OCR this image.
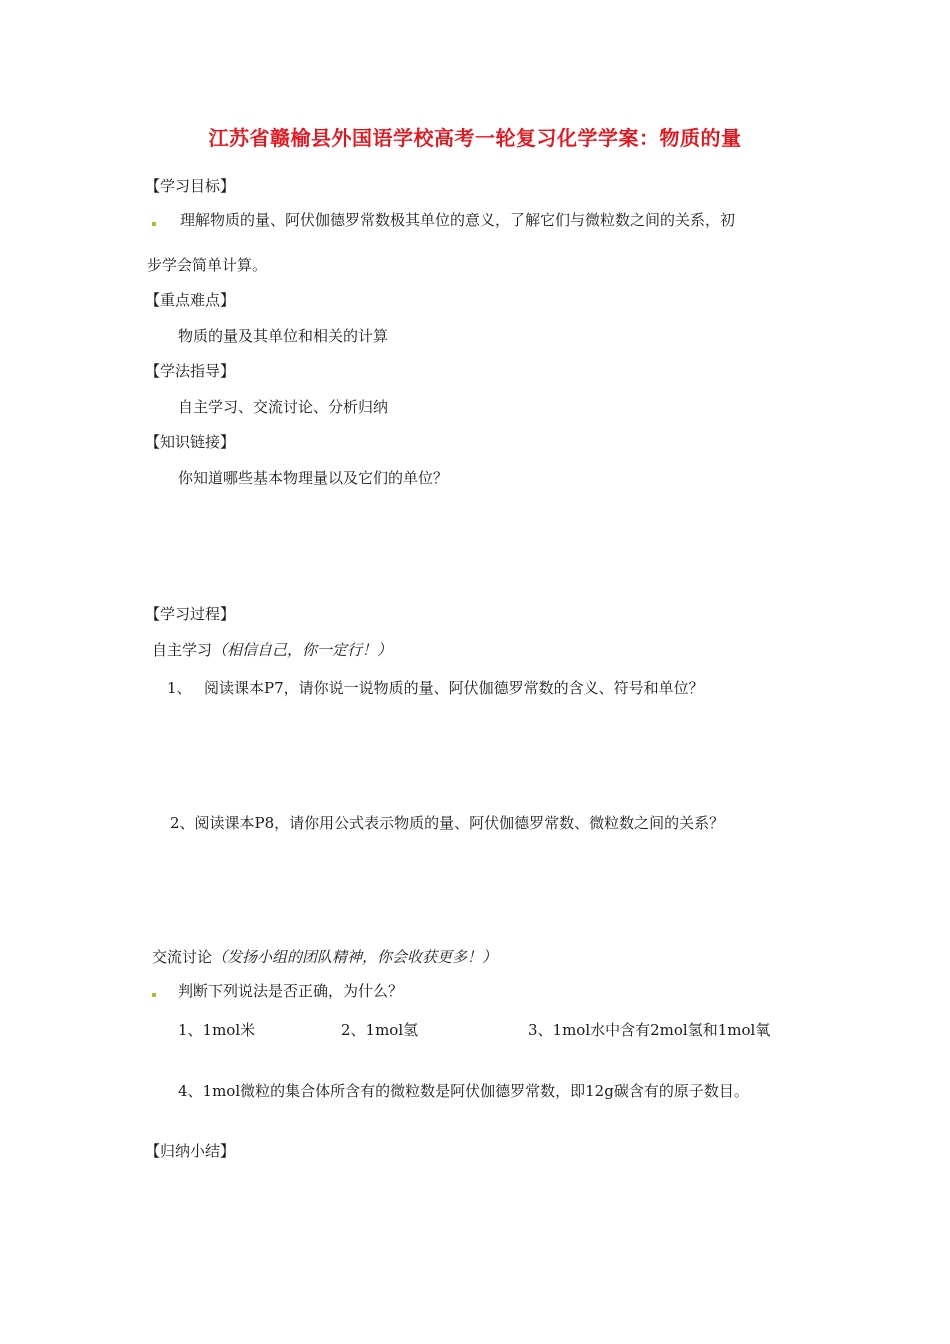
江苏省赣榆县外国语学校高考一轮复习化学学案：物质的量
【学习目标】
理解物质的量、阿伏伽德罗常数极其单位的意义，了解它们与微粒数之间的关系，初
步学会简单计算。
【重点难点】
物质的量及其单位和相关的计算
【学法指导】
自主学习、交流讨论、分析归纳
【知识链接】
你知道哪些基本物理量以及它们的单位？
【学习过程】
自主学习（相信自己，你一定行！）
1、 阅读课本P7，请你说一说物质的量、阿伏伽德罗常数的含义、符号和单位？
2、阅读课本P8，请你用公式表示物质的量、阿伏伽德罗常数、微粒数之间的关系？
交流讨论（发扬小组的团队精神，你会收获更多！）
判断下列说法是否正确，为什么？
1、1mol米	2、1mol氢	3、1mol水中含有2mol氢和1mol氧
4、1mol微粒的集合体所含有的微粒数是阿伏伽德罗常数，即12g碳含有的原子数目。
【归纳小结】
